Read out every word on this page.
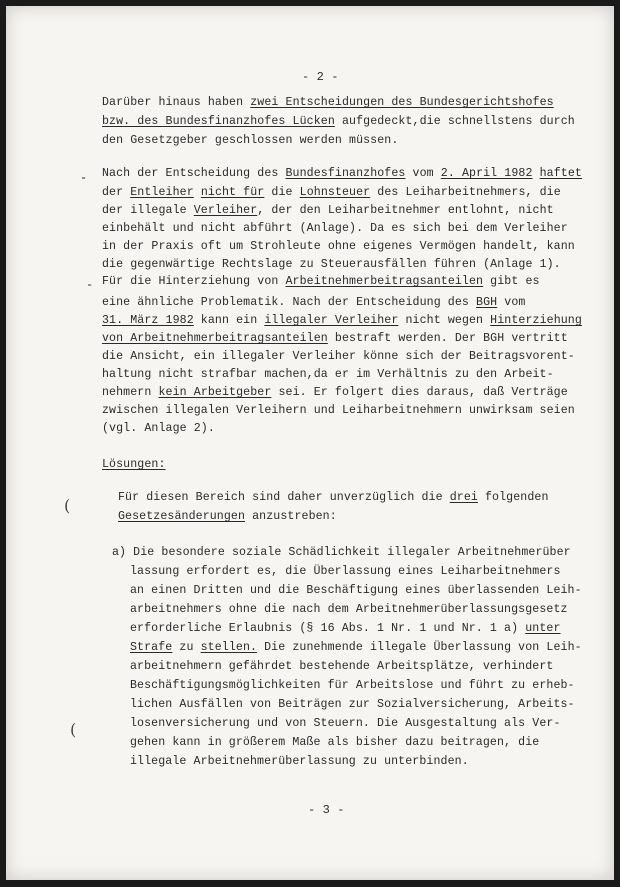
- 2 -
Darüber hinaus haben zwei Entscheidungen des Bundesgerichtshofes
bzw. des Bundesfinanzhofes Lücken aufgedeckt,die schnellstens durch
den Gesetzgeber geschlossen werden müssen.
- Nach der Entscheidung des Bundesfinanzhofes vom 2. April 1982 haftet
der Entleiher nicht für die Lohnsteuer des Leiharbeitnehmers, die
der illegale Verleiher, der den Leiharbeitnehmer entlohnt, nicht
einbehält und nicht abführt (Anlage). Da es sich bei dem Verleiher
in der Praxis oft um Strohleute ohne eigenes Vermögen handelt, kann
die gegenwärtige Rechtslage zu Steuerausfällen führen (Anlage 1).
- Für die Hinterziehung von Arbeitnehmerbeitragsanteilen gibt es
eine ähnliche Problematik. Nach der Entscheidung des BGH vom
31. März 1982 kann ein illegaler Verleiher nicht wegen Hinterziehung
von Arbeitnehmerbeitragsanteilen bestraft werden. Der BGH vertritt
die Ansicht, ein illegaler Verleiher könne sich der Beitragsvorent-
haltung nicht strafbar machen,da er im Verhältnis zu den Arbeit-
nehmern kein Arbeitgeber sei. Er folgert dies daraus, daß Verträge
zwischen illegalen Verleihern und Leiharbeitnehmern unwirksam seien
(vgl. Anlage 2).
Lösungen:
(	Für diesen Bereich sind daher unverzüglich die drei folgenden
Gesetzesänderungen anzustreben:
a) Die besondere soziale Schädlichkeit illegaler Arbeitnehmerüber
lassung erfordert es, die Überlassung eines Leiharbeitnehmers
an einen Dritten und die Beschäftigung eines überlassenden Leih-
arbeitnehmers ohne die nach dem Arbeitnehmerüberlassungsgesetz
erforderliche Erlaubnis (§ 16 Abs. 1 Nr. 1 und Nr. 1 a) unter
Strafe zu stellen. Die zunehmende illegale Überlassung von Leih-
arbeitnehmern gefährdet bestehende Arbeitsplätze, verhindert
Beschäftigungsmöglichkeiten für Arbeitslose und führt zu erheb-
lichen Ausfällen von Beiträgen zur Sozialversicherung, Arbeits-
losenversicherung und von Steuern. Die Ausgestaltung als Ver-
(
gehen kann in größerem Maße als bisher dazu beitragen, die
illegale Arbeitnehmerüberlassung zu unterbinden.
- 3 -
